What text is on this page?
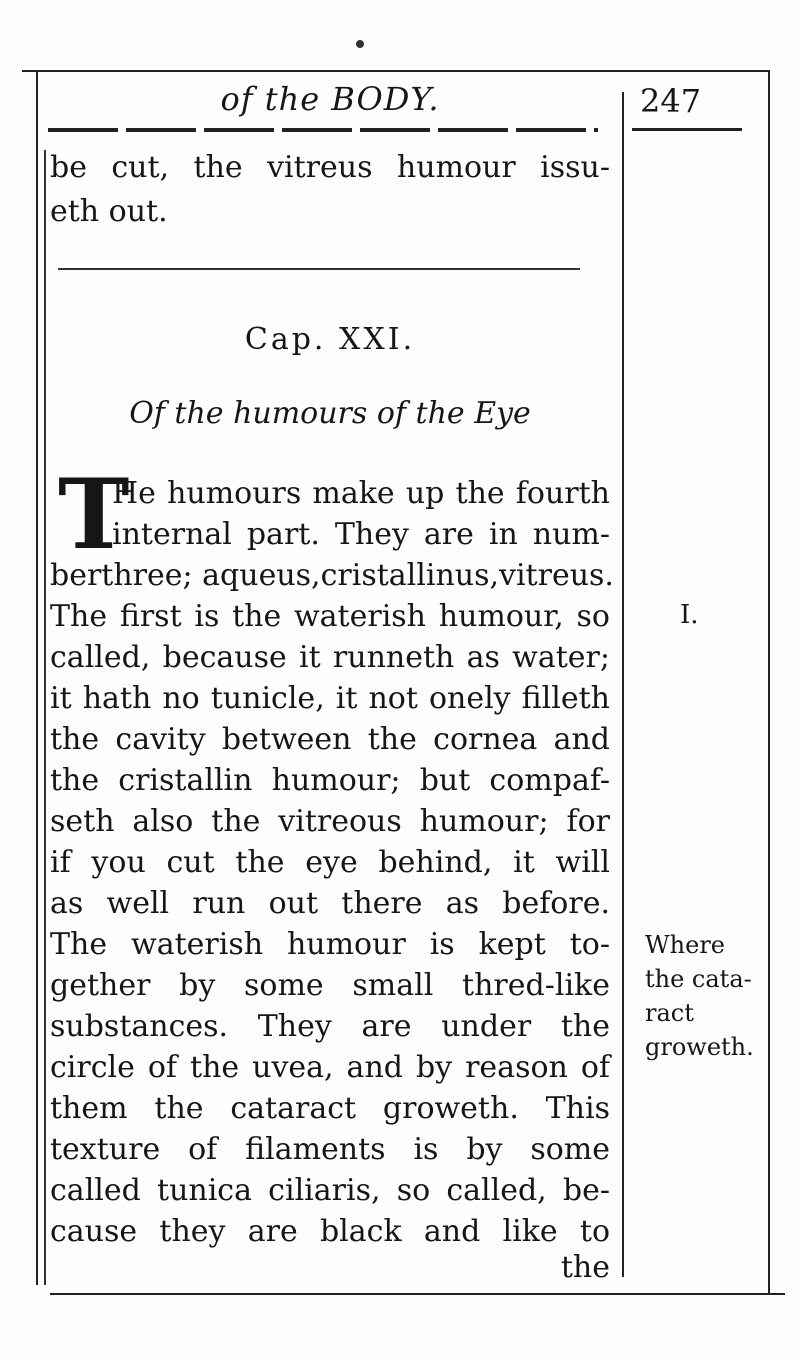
of the BODY.	247
be cut, the vitreus humour issu-
eth out.
Cap. XXI.
Of the humours of the Eye
T
He humours make up the fourth
internal part. They are in num-
berthree; aqueus,cristallinus,vitreus.
The first is the waterish humour, so
called, because it runneth as water;
it hath no tunicle, it not onely filleth
the cavity between the cornea and
the cristallin humour; but compaf-
seth also the vitreous humour; for
if you cut the eye behind, it will
as well run out there as before.
The waterish humour is kept to-
gether by some small thred-like
substances. They are under the
circle of the uvea, and by reason of
them the cataract groweth. This
texture of filaments is by some
called tunica ciliaris, so called, be-
cause they are black and like to
the
I.
Where
the cata-
ract
groweth.
